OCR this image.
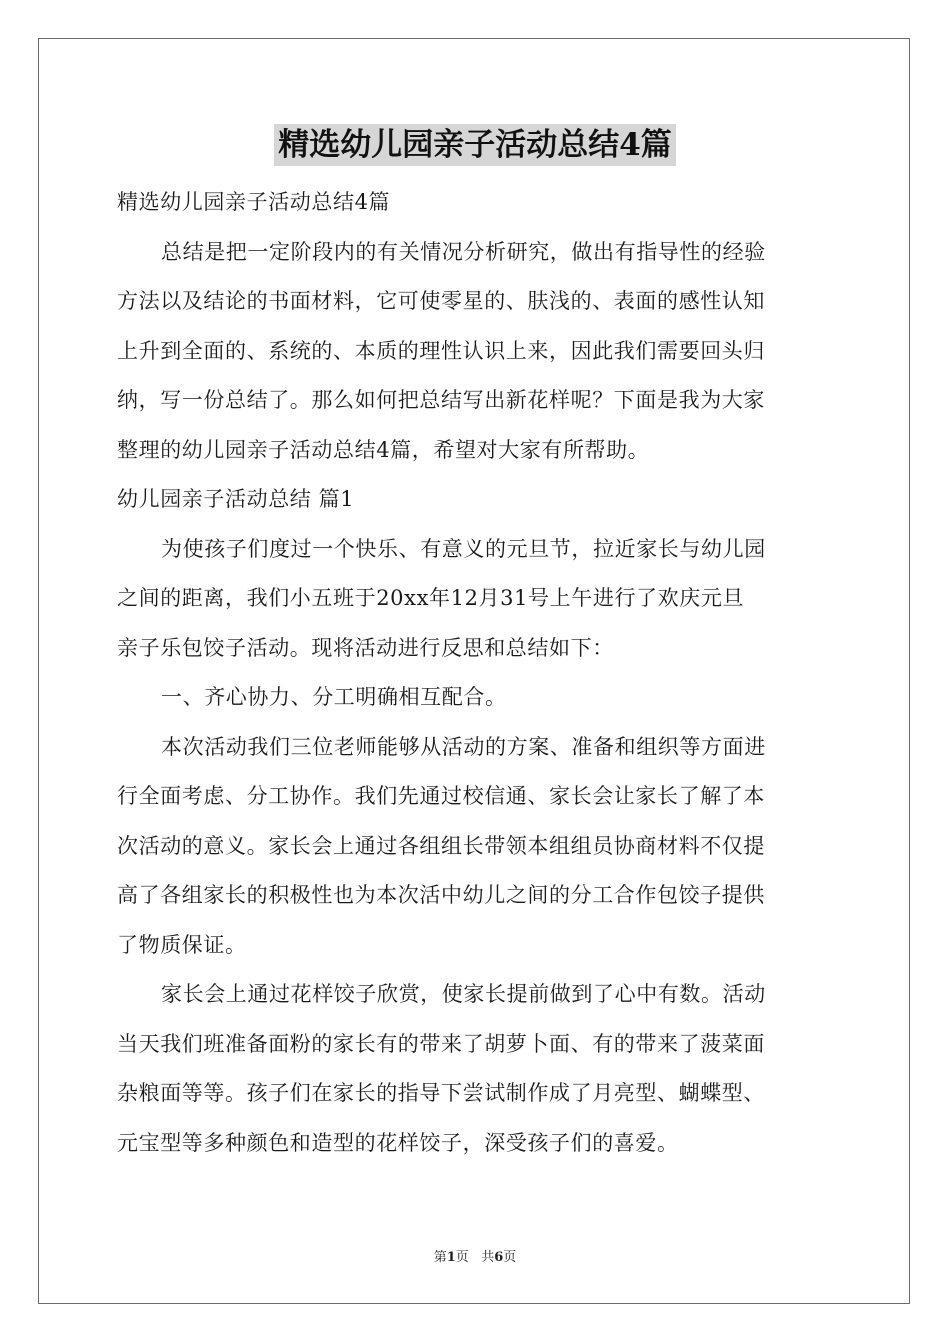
精选幼儿园亲子活动总结4篇
精选幼儿园亲子活动总结4篇
总结是把一定阶段内的有关情况分析研究，做出有指导性的经验
方法以及结论的书面材料，它可使零星的、肤浅的、表面的感性认知
上升到全面的、系统的、本质的理性认识上来，因此我们需要回头归
纳，写一份总结了。那么如何把总结写出新花样呢？下面是我为大家
整理的幼儿园亲子活动总结4篇，希望对大家有所帮助。
幼儿园亲子活动总结 篇1
为使孩子们度过一个快乐、有意义的元旦节，拉近家长与幼儿园
之间的距离，我们小五班于20xx年12月31号上午进行了欢庆元旦
亲子乐包饺子活动。现将活动进行反思和总结如下：
一、齐心协力、分工明确相互配合。
本次活动我们三位老师能够从活动的方案、准备和组织等方面进
行全面考虑、分工协作。我们先通过校信通、家长会让家长了解了本
次活动的意义。家长会上通过各组组长带领本组组员协商材料不仅提
高了各组家长的积极性也为本次活中幼儿之间的分工合作包饺子提供
了物质保证。
家长会上通过花样饺子欣赏，使家长提前做到了心中有数。活动
当天我们班准备面粉的家长有的带来了胡萝卜面、有的带来了菠菜面
杂粮面等等。孩子们在家长的指导下尝试制作成了月亮型、蝴蝶型、
元宝型等多种颜色和造型的花样饺子，深受孩子们的喜爱。
第1页 共6页
